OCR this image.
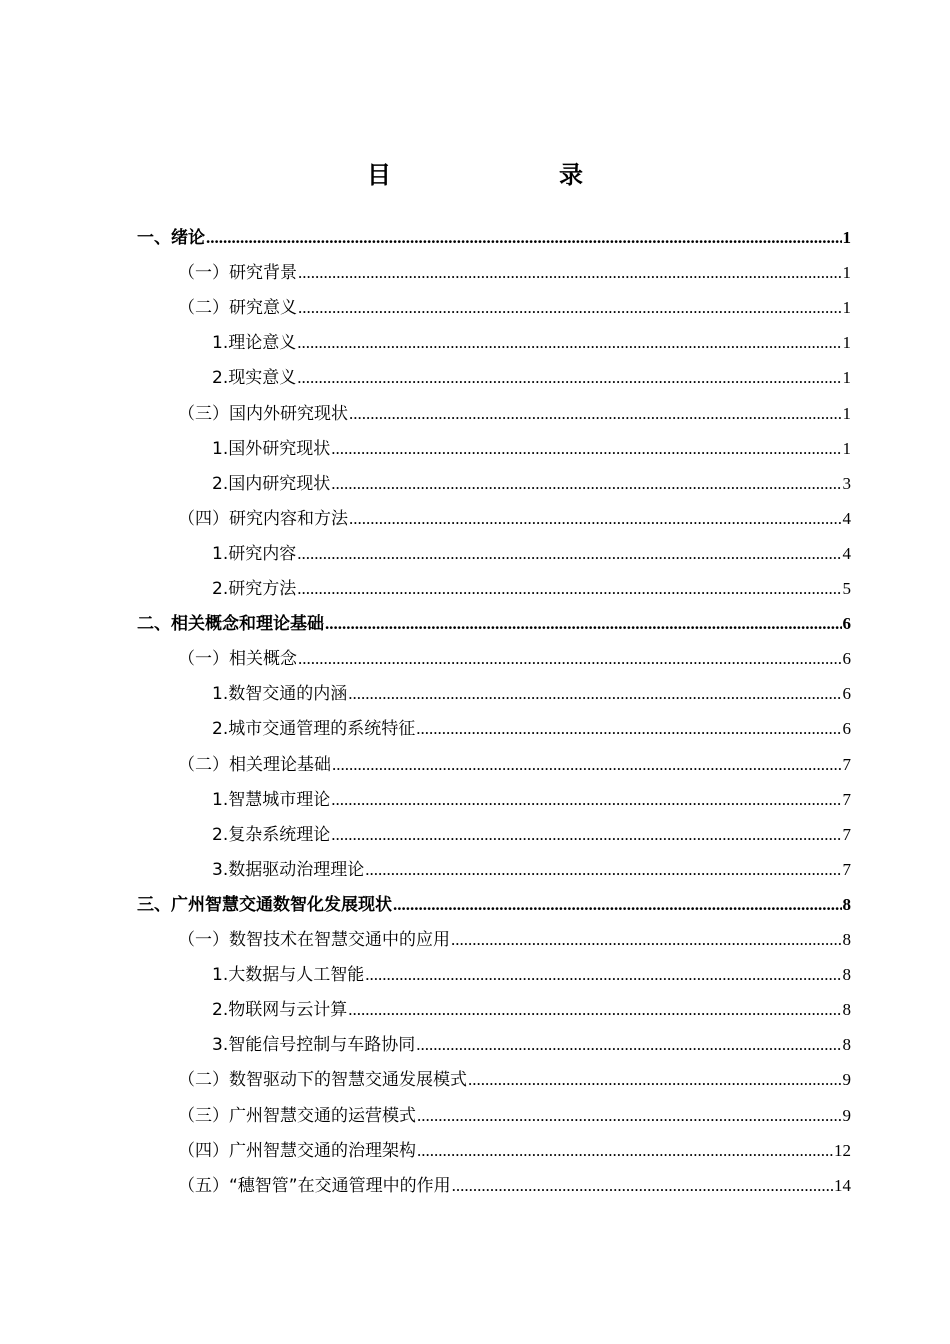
目　　录
一、绪论 .....	1
（一）研究背景 .....	1
（二）研究意义 .....	1
1.理论意义 .....	1
2.现实意义 .....	1
（三）国内外研究现状 .....	1
1.国外研究现状 .....	1
2.国内研究现状 .....	3
（四）研究内容和方法 .....	4
1.研究内容 .....	4
2.研究方法 .....	5
二、相关概念和理论基础 .....	6
（一）相关概念 .....	6
1.数智交通的内涵 .....	6
2.城市交通管理的系统特征 .....	6
（二）相关理论基础 .....	7
1.智慧城市理论 .....	7
2.复杂系统理论 .....	7
3.数据驱动治理理论 .....	7
三、广州智慧交通数智化发展现状 .....	8
（一）数智技术在智慧交通中的应用 .....	8
1.大数据与人工智能 .....	8
2.物联网与云计算 .....	8
3.智能信号控制与车路协同 .....	8
（二）数智驱动下的智慧交通发展模式 .....	9
（三）广州智慧交通的运营模式 .....	9
（四）广州智慧交通的治理架构 .....	12
（五）“穗智管”在交通管理中的作用 .....	14
